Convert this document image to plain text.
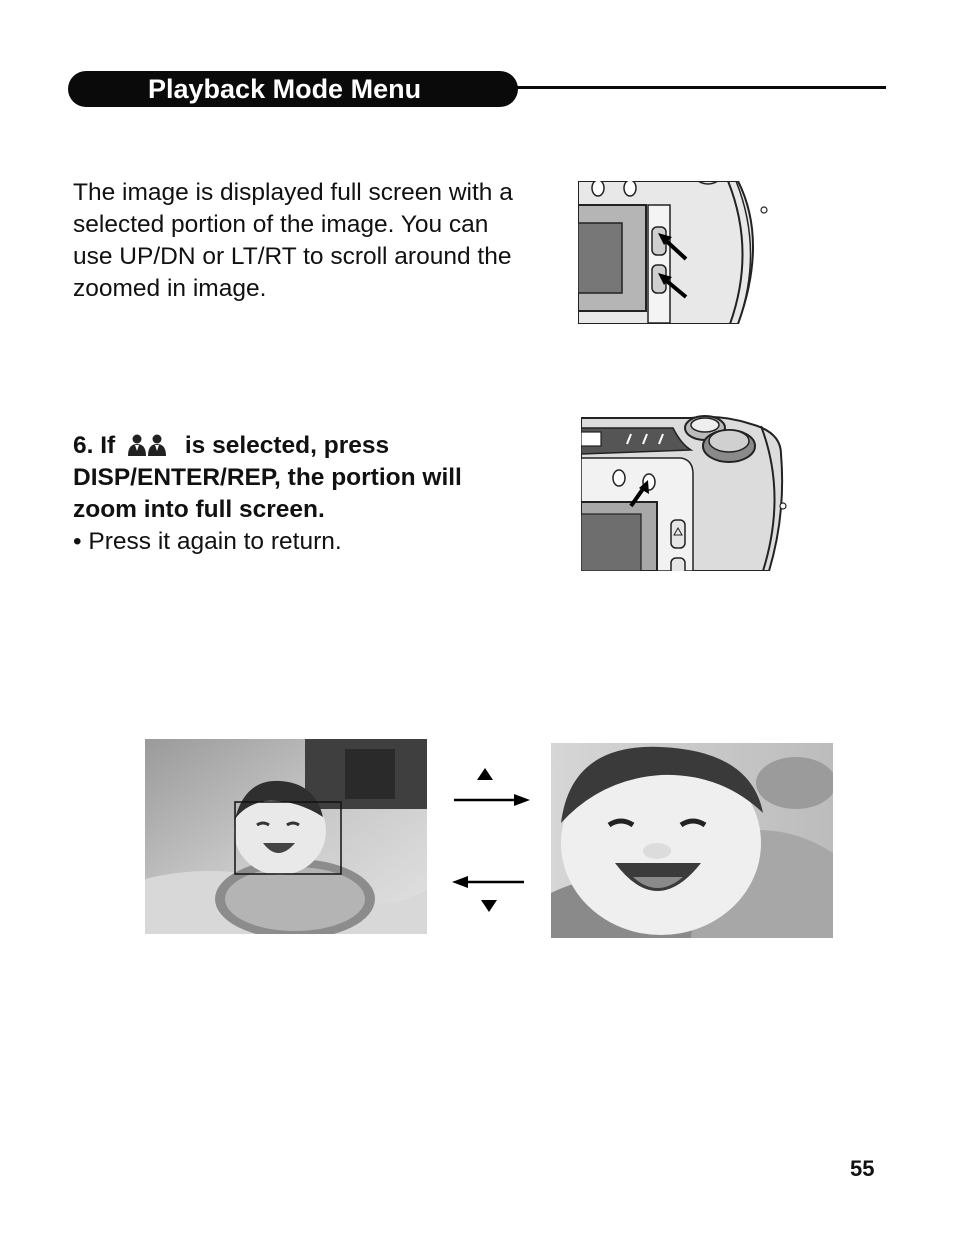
Playback Mode Menu

The image is displayed full screen with a selected portion of the image. You can use UP/DN or LT/RT to scroll around the zoomed in image.

6. If	is selected, press DISP/ENTER/REP, the portion will zoom into full screen.
• Press it again to return.
55
